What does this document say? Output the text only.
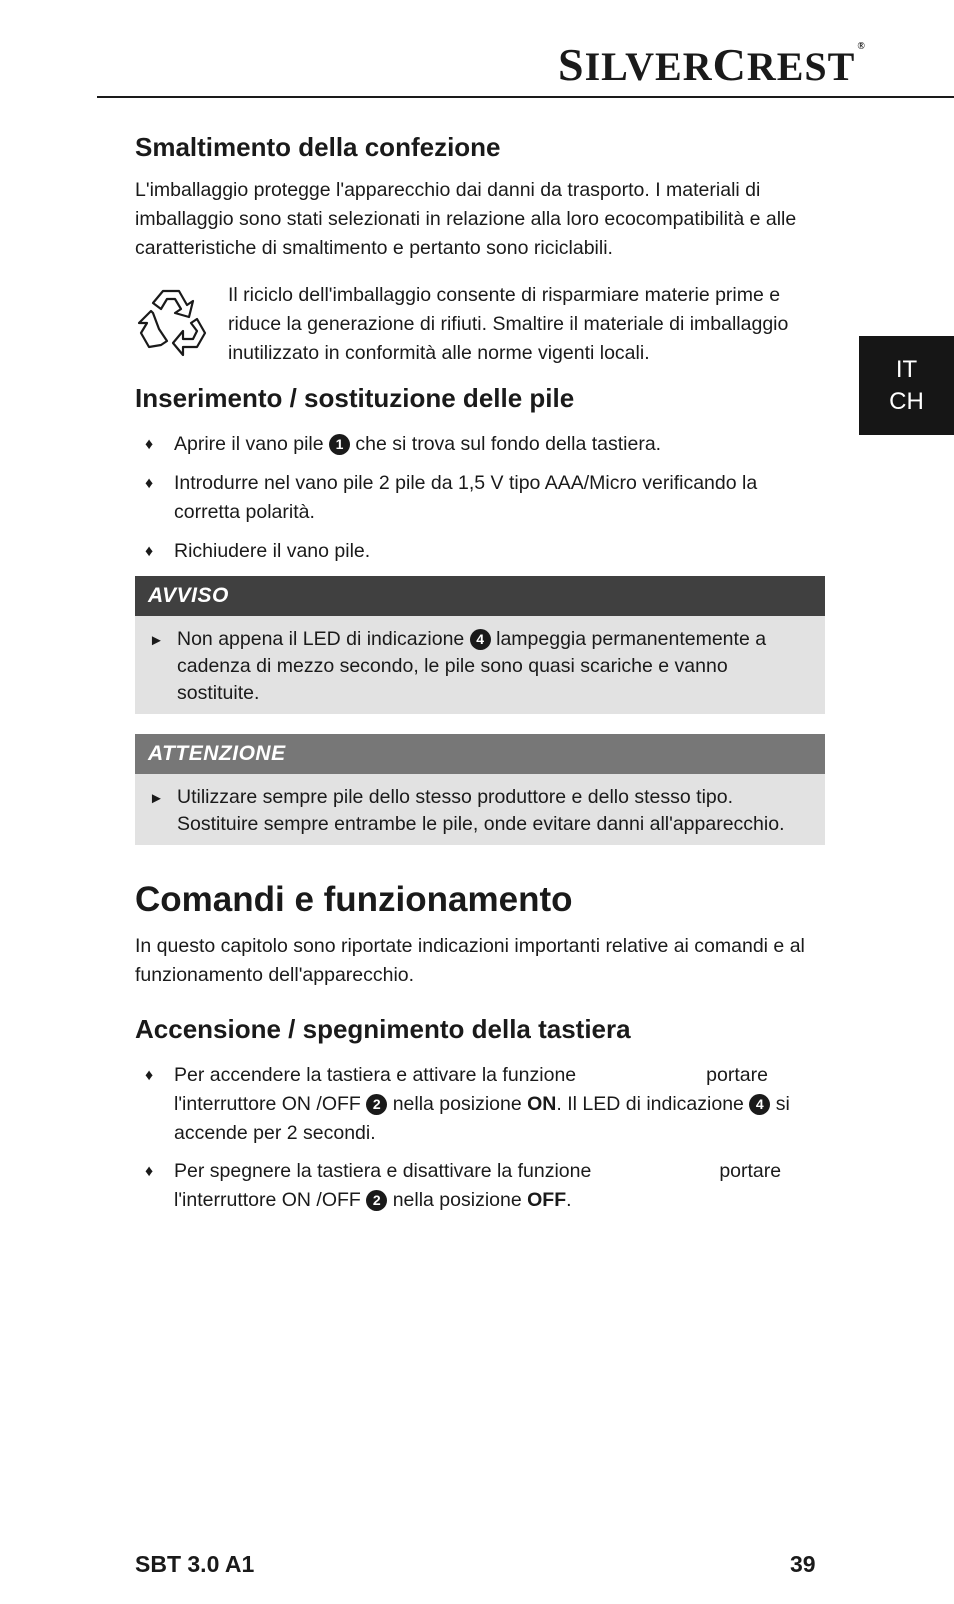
SILVERCREST ®
IT
CH
Smaltimento della confezione

L'imballaggio protegge l'apparecchio dai danni da trasporto. I materiali di imballaggio sono stati selezionati in relazione alla loro ecocompatibilità e alle caratteristiche di smaltimento e pertanto sono riciclabili.

Il riciclo dell'imballaggio consente di risparmiare materie prime e riduce la generazione di rifiuti. Smaltire il materiale di imballaggio inutilizzato in conformità alle norme vigenti locali.

Inserimento / sostituzione delle pile
♦ Aprire il vano pile 1 che si trova sul fondo della tastiera.
♦ Introdurre nel vano pile 2 pile da 1,5 V tipo AAA/Micro verificando la corretta polarità.
♦ Richiudere il vano pile.
AVVISO
► Non appena il LED di indicazione 4 lampeggia permanentemente a cadenza di mezzo secondo, le pile sono quasi scariche e vanno sostituite.
ATTENZIONE
► Utilizzare sempre pile dello stesso produttore e dello stesso tipo. Sostituire sempre entrambe le pile, onde evitare danni all'apparecchio.
Comandi e funzionamento

In questo capitolo sono riportate indicazioni importanti relative ai comandi e al funzionamento dell'apparecchio.

Accensione / spegnimento della tastiera
♦ Per accendere la tastiera e attivare la funzione	portare l'interruttore ON /OFF 2 nella posizione ON. Il LED di indicazione 4 si accende per 2 secondi.
♦ Per spegnere la tastiera e disattivare la funzione	portare l'interruttore ON /OFF 2 nella posizione OFF.
SBT 3.0 A1	39
